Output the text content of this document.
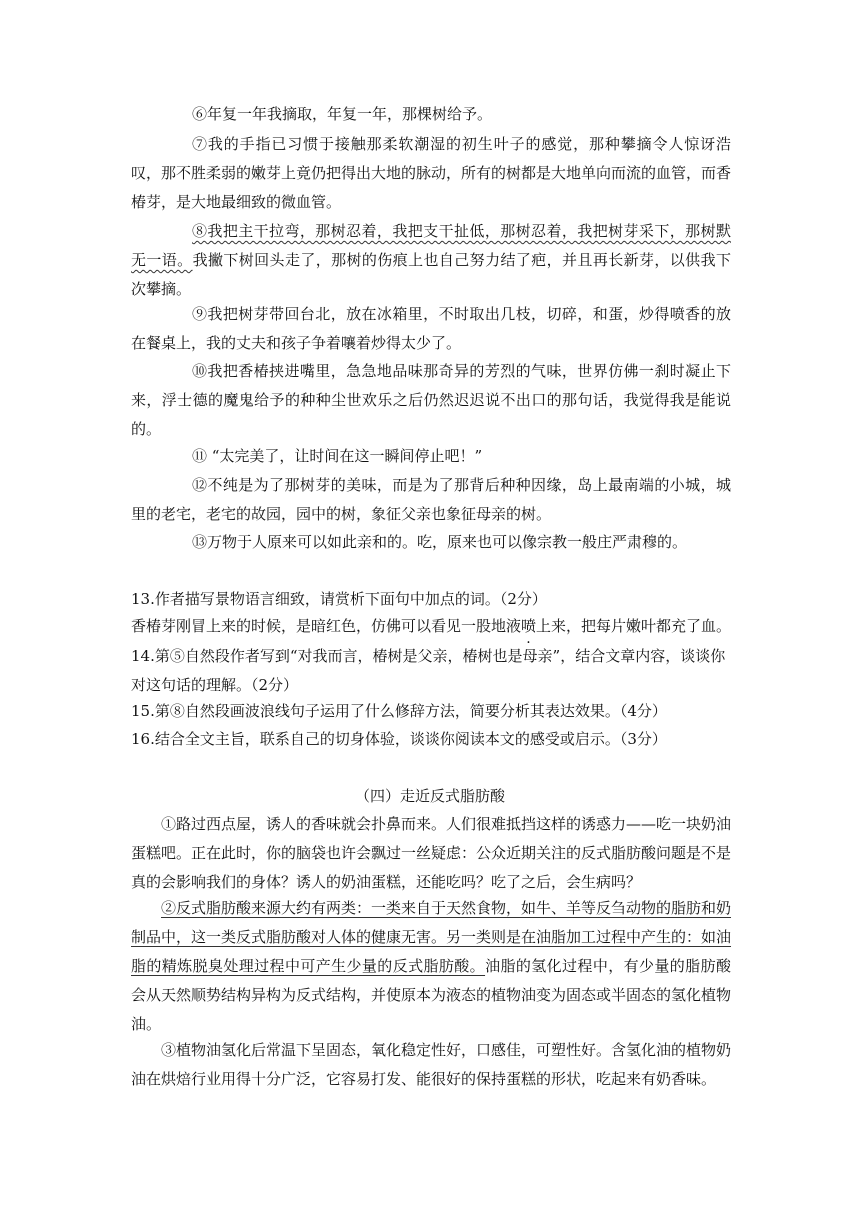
⑥年复一年我摘取，年复一年，那棵树给予。

⑦我的手指已习惯于接触那柔软潮湿的初生叶子的感觉，那种攀摘令人惊讶浩叹，那不胜柔弱的嫩芽上竟仍把得出大地的脉动，所有的树都是大地单向而流的血管，而香椿芽，是大地最细致的微血管。

⑧我把主干拉弯，那树忍着，我把支干扯低，那树忍着，我把树芽采下，那树默无一语。我撇下树回头走了，那树的伤痕上也自己努力结了疤，并且再长新芽，以供我下次攀摘。

⑨我把树芽带回台北，放在冰箱里，不时取出几枝，切碎，和蛋，炒得喷香的放在餐桌上，我的丈夫和孩子争着嚷着炒得太少了。

⑩我把香椿挟进嘴里，急急地品味那奇异的芳烈的气味，世界仿佛一刹时凝止下来，浮士德的魔鬼给予的种种尘世欢乐之后仍然迟迟说不出口的那句话，我觉得我是能说的。

⑪ “太完美了，让时间在这一瞬间停止吧！”

⑫不纯是为了那树芽的美味，而是为了那背后种种因缘，岛上最南端的小城，城里的老宅，老宅的故园，园中的树，象征父亲也象征母亲的树。

⑬万物于人原来可以如此亲和的。吃，原来也可以像宗教一般庄严肃穆的。

13.作者描写景物语言细致，请赏析下面句中加点的词。（2分）

香椿芽刚冒上来的时候，是暗红色，仿佛可以看见一股地液喷上来，把每片嫩叶都充了血。

14.第⑤自然段作者写到“对我而言，椿树是父亲，椿树也是母亲”，结合文章内容，谈谈你对这句话的理解。（2分）

15.第⑧自然段画波浪线句子运用了什么修辞方法，简要分析其表达效果。（4分）

16.结合全文主旨，联系自己的切身体验，谈谈你阅读本文的感受或启示。（3分）

（四）走近反式脂肪酸

①路过西点屋，诱人的香味就会扑鼻而来。人们很难抵挡这样的诱惑力——吃一块奶油蛋糕吧。正在此时，你的脑袋也许会飘过一丝疑虑：公众近期关注的反式脂肪酸问题是不是真的会影响我们的身体？诱人的奶油蛋糕，还能吃吗？吃了之后，会生病吗？

②反式脂肪酸来源大约有两类：一类来自于天然食物，如牛、羊等反刍动物的脂肪和奶制品中，这一类反式脂肪酸对人体的健康无害。另一类则是在油脂加工过程中产生的：如油脂的精炼脱臭处理过程中可产生少量的反式脂肪酸。油脂的氢化过程中，有少量的脂肪酸会从天然顺势结构异构为反式结构，并使原本为液态的植物油变为固态或半固态的氢化植物油。

③植物油氢化后常温下呈固态，氧化稳定性好，口感佳，可塑性好。含氢化油的植物奶油在烘焙行业用得十分广泛，它容易打发、能很好的保持蛋糕的形状，吃起来有奶香味。
